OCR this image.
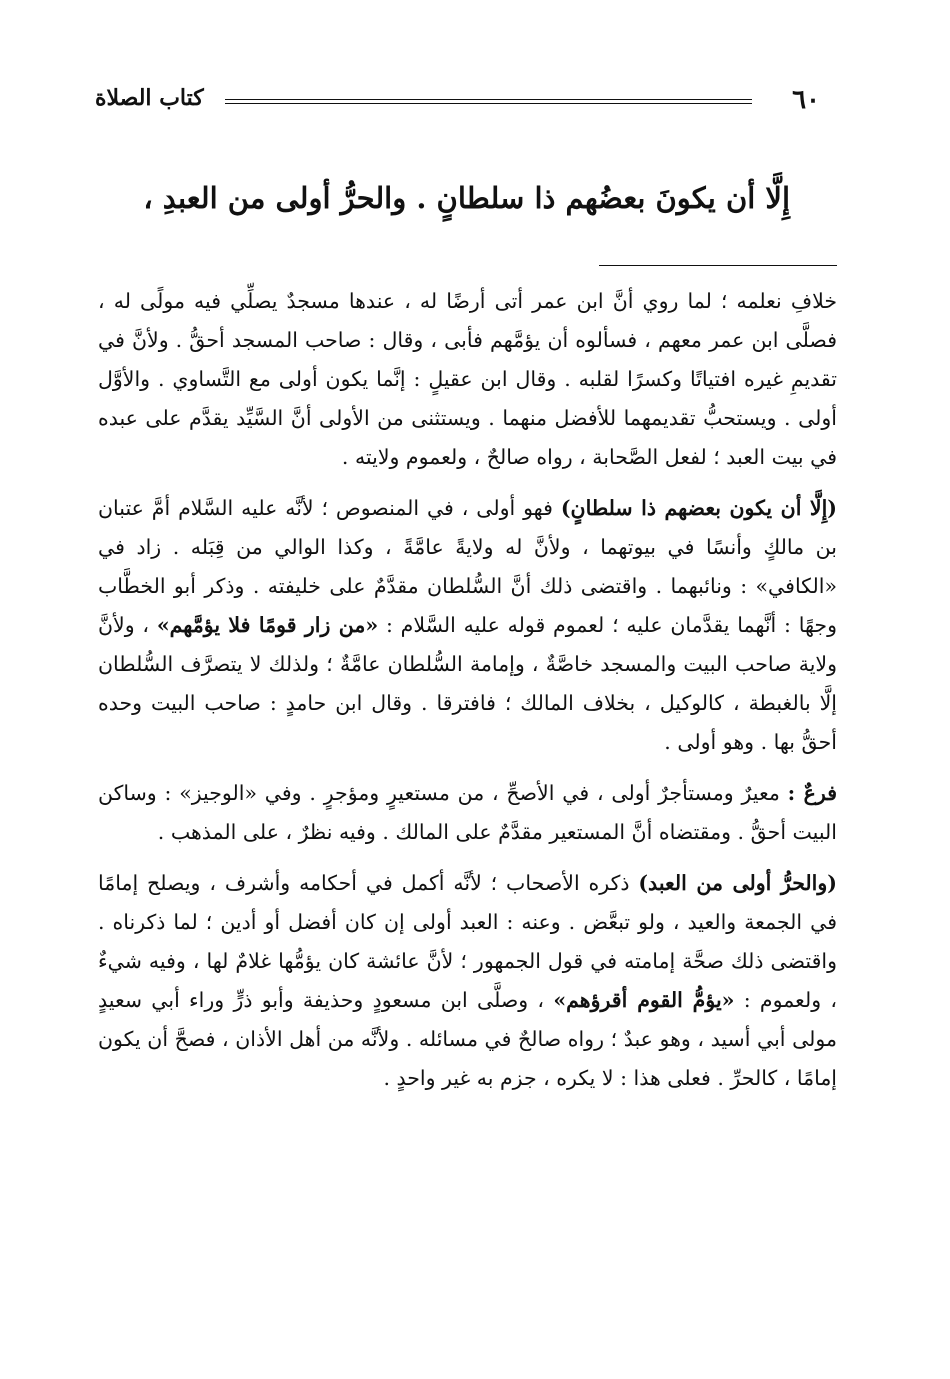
٦٠
كتاب الصلاة
إِلَّا أن يكونَ بعضُهم ذا سلطانٍ . والحرُّ أولى من العبدِ ،

خلافِ نعلمه ؛ لما روي أنَّ ابن عمر أتى أرضًا له ، عندها مسجدٌ يصلِّي فيه مولًى له ، فصلَّى ابن عمر معهم ، فسألوه أن يؤمَّهم فأبى ، وقال : صاحب المسجد أحقُّ . ولأنَّ في تقديمِ غيره افتياتًا وكسرًا لقلبه . وقال ابن عقيلٍ : إنَّما يكون أولى مع التَّساوي . والأوَّل أولى . ويستحبُّ تقديمهما للأفضل منهما . ويستثنى من الأولى أنَّ السَّيِّد يقدَّم على عبده في بيت العبد ؛ لفعل الصَّحابة ، رواه صالحٌ ، ولعموم ولايته .

(إِلَّا أن يكون بعضهم ذا سلطانٍ) فهو أولى ، في المنصوص ؛ لأنَّه عليه السَّلام أمَّ عتبان بن مالكٍ وأنسًا في بيوتهما ، ولأنَّ له ولايةً عامَّةً ، وكذا الوالي من قِبَله . زاد في «الكافي» : ونائبهما . واقتضى ذلك أنَّ السُّلطان مقدَّمٌ على خليفته . وذكر أبو الخطَّاب وجهًا : أنَّهما يقدَّمان عليه ؛ لعموم قوله عليه السَّلام : «من زار قومًا فلا يؤمَّهم» ، ولأنَّ ولاية صاحب البيت والمسجد خاصَّةٌ ، وإمامة السُّلطان عامَّةٌ ؛ ولذلك لا يتصرَّف السُّلطان إلَّا بالغبطة ، كالوكيل ، بخلاف المالك ؛ فافترقا . وقال ابن حامدٍ : صاحب البيت وحده أحقُّ بها . وهو أولى .

فرعٌ : معيرٌ ومستأجرٌ أولى ، في الأصحِّ ، من مستعيرٍ ومؤجرٍ . وفي «الوجيز» : وساكن البيت أحقُّ . ومقتضاه أنَّ المستعير مقدَّمٌ على المالك . وفيه نظرٌ ، على المذهب .

(والحرُّ أولى من العبد) ذكره الأصحاب ؛ لأنَّه أكمل في أحكامه وأشرف ، ويصلح إمامًا في الجمعة والعيد ، ولو تبعَّض . وعنه : العبد أولى إن كان أفضل أو أدين ؛ لما ذكرناه . واقتضى ذلك صحَّة إمامته في قول الجمهور ؛ لأنَّ عائشة كان يؤمُّها غلامٌ لها ، وفيه شيءٌ ، ولعموم : «يؤمُّ القوم أقرؤهم» ، وصلَّى ابن مسعودٍ وحذيفة وأبو ذرٍّ وراء أبي سعيدٍ مولى أبي أسيد ، وهو عبدٌ ؛ رواه صالحٌ في مسائله . ولأنَّه من أهل الأذان ، فصحَّ أن يكون إمامًا ، كالحرِّ . فعلى هذا : لا يكره ، جزم به غير واحدٍ .
